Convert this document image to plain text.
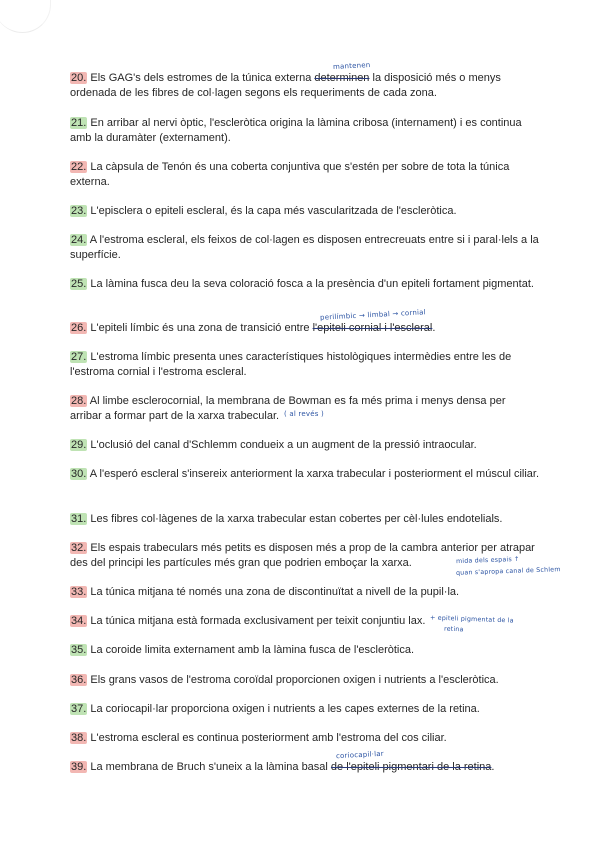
20. Els GAG's dels estromes de la túnica externa determinen la disposició més o menys ordenada de les fibres de col·lagen segons els requeriments de cada zona.
21. En arribar al nervi òptic, l'escleròtica origina la làmina cribosa (internament) i es continua amb la duramàter (externament).
22. La càpsula de Tenón és una coberta conjuntiva que s'estén per sobre de tota la túnica externa.
23. L'episclera o epiteli escleral, és la capa més vascularitzada de l'escleròtica.
24. A l'estroma escleral, els feixos de col·lagen es disposen entrecreuats entre si i paral·lels a la superfície.
25. La làmina fusca deu la seva coloració fosca a la presència d'un epiteli fortament pigmentat.
26. L'epiteli límbic és una zona de transició entre l'epiteli cornial i l'escleral.
27. L'estroma límbic presenta unes característiques histològiques intermèdies entre les de l'estroma cornial i l'estroma escleral.
28. Al limbe esclerocornial, la membrana de Bowman es fa més prima i menys densa per arribar a formar part de la xarxa trabecular.
29. L'oclusió del canal d'Schlemm condueix a un augment de la pressió intraocular.
30. A l'esperó escleral s'insereix anteriorment la xarxa trabecular i posteriorment el múscul ciliar.
31. Les fibres col·làgenes de la xarxa trabecular estan cobertes per cèl·lules endotelials.
32. Els espais trabeculars més petits es disposen més a prop de la cambra anterior per atrapar des del principi les partícules més gran que podrien emboçar la xarxa.
33. La túnica mitjana té només una zona de discontinuïtat a nivell de la pupil·la.
34. La túnica mitjana està formada exclusivament per teixit conjuntiu lax.
35. La coroide limita externament amb la làmina fusca de l'escleròtica.
36. Els grans vasos de l'estroma coroïdal proporcionen oxigen i nutrients a l'escleròtica.
37. La coriocapil·lar proporciona oxigen i nutrients a les capes externes de la retina.
38. L'estroma escleral es continua posteriorment amb l'estroma del cos ciliar.
39. La membrana de Bruch s'uneix a la làmina basal de l'epiteli pigmentari de la retina.
mantenen
perilímbic → limbal → cornial
( al revés )
mida dels espais ↑
quan s'apropa canal de Schlem
+ epiteli pigmentat de la
retina
coriocapil·lar
